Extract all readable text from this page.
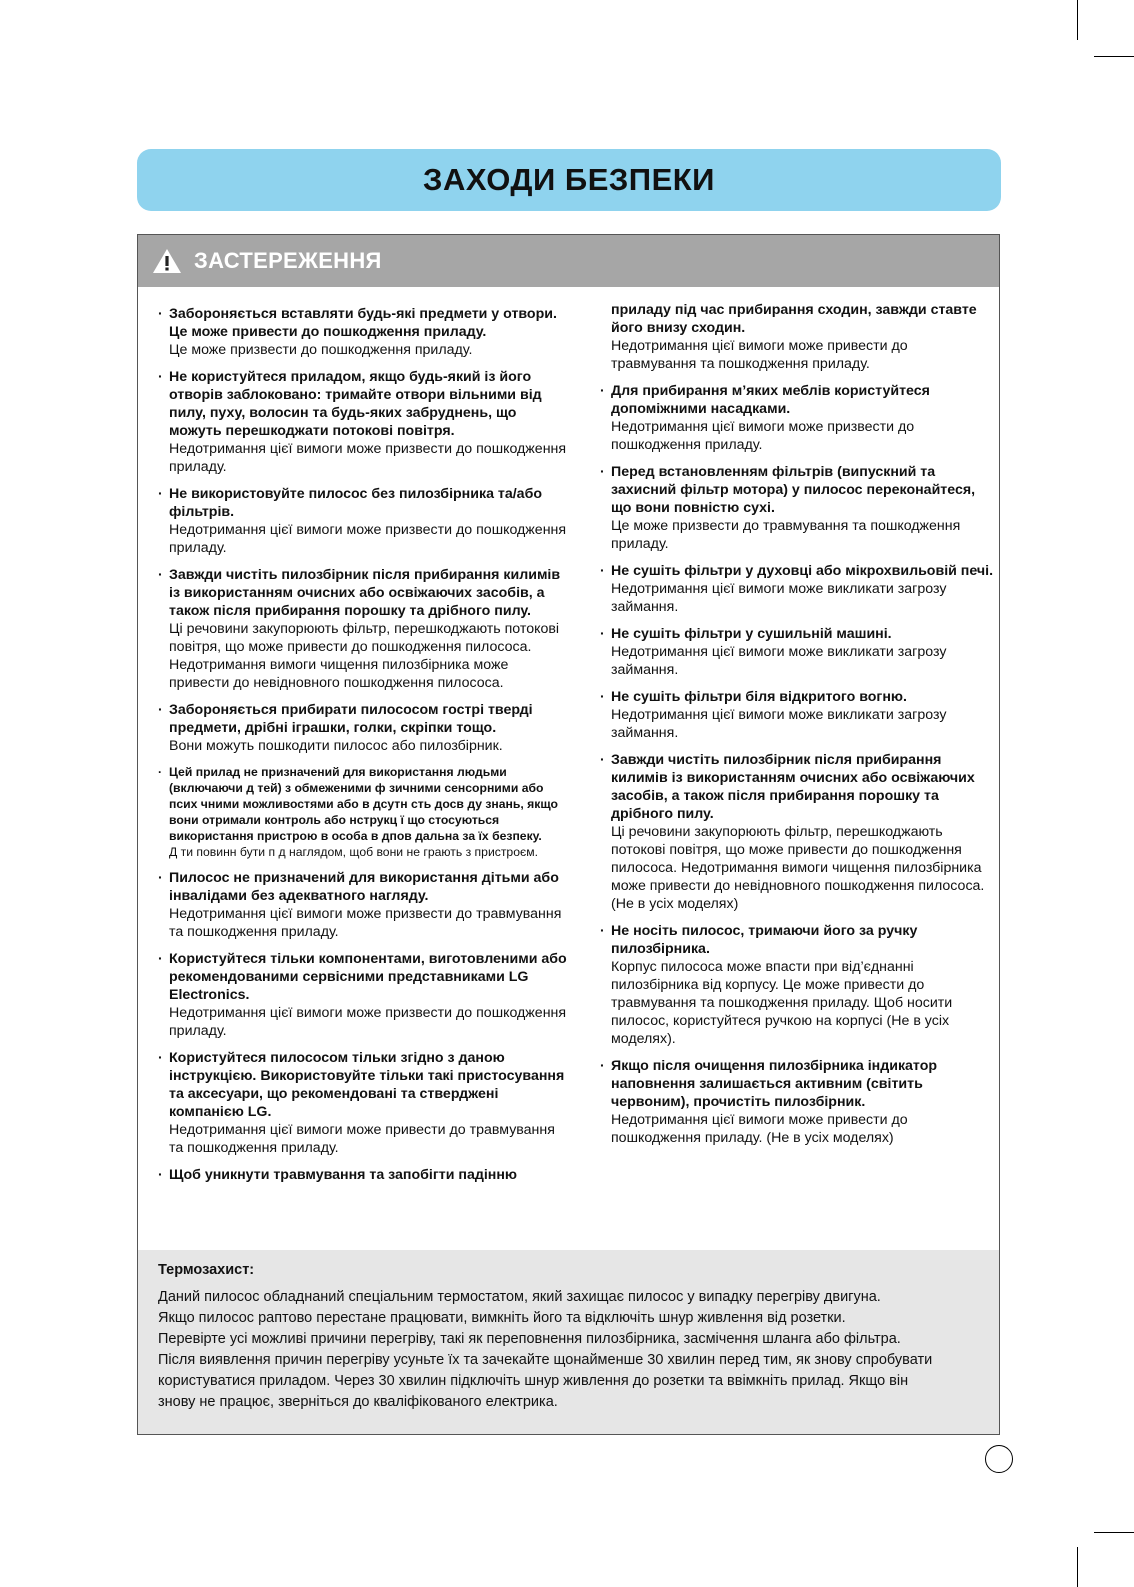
ЗАХОДИ БЕЗПЕКИ
ЗАСТЕРЕЖЕННЯ
· Забороняється вставляти будь-які предмети у отвори. Це може привести до пошкодження приладу.
Це може призвести до пошкодження приладу.
· Не користуйтеся приладом, якщо будь-який із його отворів заблоковано: тримайте отвори вільними від пилу, пуху, волосин та будь-яких забруднень, що можуть перешкоджати потокові повітря.
Недотримання цієї вимоги може призвести до пошкодження приладу.
· Не використовуйте пилосос без пилозбірника та/або фільтрів.
Недотримання цієї вимоги може призвести до пошкодження приладу.
· Завжди чистіть пилозбірник після прибирання килимів із використанням очисних або освіжаючих засобів, а також після прибирання порошку та дрібного пилу.
Ці речовини закупорюють фільтр, перешкоджають потокові повітря, що може привести до пошкодження пилососа. Недотримання вимоги чищення пилозбірника може привести до невідновного пошкодження пилососа.
· Забороняється прибирати пилососом гострі тверді предмети, дрібні іграшки, голки, скріпки тощо.
Вони можуть пошкодити пилосос або пилозбірник.
· Цей прилад не призначений для використання людьми (включаючи д тей) з обмеженими ф зичними сенсорними або псих чними можливостями або в дсутн сть досв ду знань, якщо вони отримали контроль або нструкц ї що стосуються використання пристрою в особа в дпов дальна за їх безпеку.
Д ти повинн бути п д наглядом, щоб вони не грають з пристроєм.
· Пилосос не призначений для використання дітьми або інвалідами без адекватного нагляду.
Недотримання цієї вимоги може призвести до травмування та пошкодження приладу.
· Користуйтеся тільки компонентами, виготовленими або рекомендованими сервісними представниками LG Electronics.
Недотримання цієї вимоги може призвести до пошкодження приладу.
· Користуйтеся пилососом тільки згідно з даною інструкцією. Використовуйте тільки такі пристосування та аксесуари, що рекомендовані та стверджені компанією LG.
Недотримання цієї вимоги може привести до травмування та пошкодження приладу.
· Щоб уникнути травмування та запобігти падінню
приладу під час прибирання сходин, завжди ставте його внизу сходин.
Недотримання цієї вимоги може привести до травмування та пошкодження приладу.
· Для прибирання м’яких меблів користуйтеся допоміжними насадками.
Недотримання цієї вимоги може призвести до пошкодження приладу.
· Перед встановленням фільтрів (випускний та захисний фільтр мотора) у пилосос переконайтеся, що вони повністю сухі.
Це може призвести до травмування та пошкодження приладу.
· Не сушіть фільтри у духовці або мікрохвильовій печі.
Недотримання цієї вимоги може викликати загрозу займання.
· Не сушіть фільтри у сушильній машині.
Недотримання цієї вимоги може викликати загрозу займання.
· Не сушіть фільтри біля відкритого вогню.
Недотримання цієї вимоги може викликати загрозу займання.
· Завжди чистіть пилозбірник після прибирання килимів із використанням очисних або освіжаючих засобів, а також після прибирання порошку та дрібного пилу.
Ці речовини закупорюють фільтр, перешкоджають потокові повітря, що може привести до пошкодження пилососа. Недотримання вимоги чищення пилозбірника може привести до невідновного пошкодження пилососа. (Не в усіх моделях)
· Не носіть пилосос, тримаючи його за ручку пилозбірника.
Корпус пилососа може впасти при від’єднанні пилозбірника від корпусу. Це може привести до травмування та пошкодження приладу. Щоб носити пилосос, користуйтеся ручкою на корпусі (Не в усіх моделях).
· Якщо після очищення пилозбірника індикатор наповнення залишається активним (світить червоним), прочистіть пилозбірник.
Недотримання цієї вимоги може привести до пошкодження приладу. (Не в усіх моделях)
Термозахист:

Даний пилосос обладнаний спеціальним термостатом, який захищає пилосос у випадку перегріву двигуна.

Якщо пилосос раптово перестане працювати, вимкніть його та відключіть шнур живлення від розетки.

Перевірте усі можливі причини перегріву, такі як переповнення пилозбірника, засмічення шланга або фільтра.

Після виявлення причин перегріву усуньте їх та зачекайте щонайменше 30 хвилин перед тим, як знову спробувати

користуватися приладом. Через 30 хвилин підключіть шнур живлення до розетки та ввімкніть прилад. Якщо він

знову не працює, зверніться до кваліфікованого електрика.
